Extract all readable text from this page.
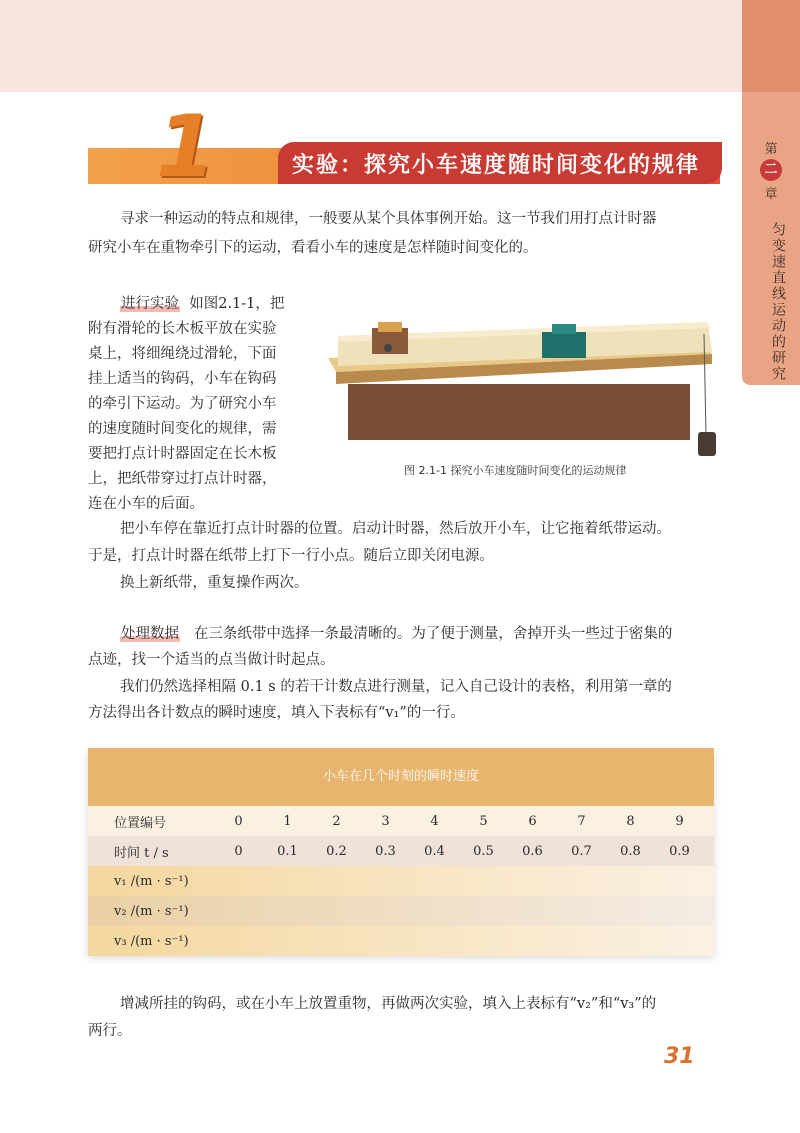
第
二
章
匀变速直线运动的研究
1	实验：探究小车速度随时间变化的规律

寻求一种运动的特点和规律，一般要从某个具体事例开始。这一节我们用打点计时器

研究小车在重物牵引下的运动，看看小车的速度是怎样随时间变化的。

进行实验 如图2.1-1，把

附有滑轮的长木板平放在实验

桌上，将细绳绕过滑轮，下面

挂上适当的钩码，小车在钩码

的牵引下运动。为了研究小车

的速度随时间变化的规律，需

要把打点计时器固定在长木板

上，把纸带穿过打点计时器，

连在小车的后面。

图 2.1-1 探究小车速度随时间变化的运动规律

把小车停在靠近打点计时器的位置。启动计时器，然后放开小车，让它拖着纸带运动。

于是，打点计时器在纸带上打下一行小点。随后立即关闭电源。

换上新纸带，重复操作两次。

处理数据 在三条纸带中选择一条最清晰的。为了便于测量，舍掉开头一些过于密集的

点迹，找一个适当的点当做计时起点。

我们仍然选择相隔 0.1 s 的若干计数点进行测量，记入自己设计的表格，利用第一章的

方法得出各计数点的瞬时速度，填入下表标有“v₁”的一行。

小车在几个时刻的瞬时速度
位置编号	0	1	2	3	4	5	6	7	8	9
时间 t / s	0	0.1	0.2	0.3	0.4	0.5	0.6	0.7	0.8	0.9
v₁ /(m · s⁻¹)
v₂ /(m · s⁻¹)
v₃ /(m · s⁻¹)

增减所挂的钩码，或在小车上放置重物，再做两次实验，填入上表标有“v₂”和“v₃”的

两行。

31
